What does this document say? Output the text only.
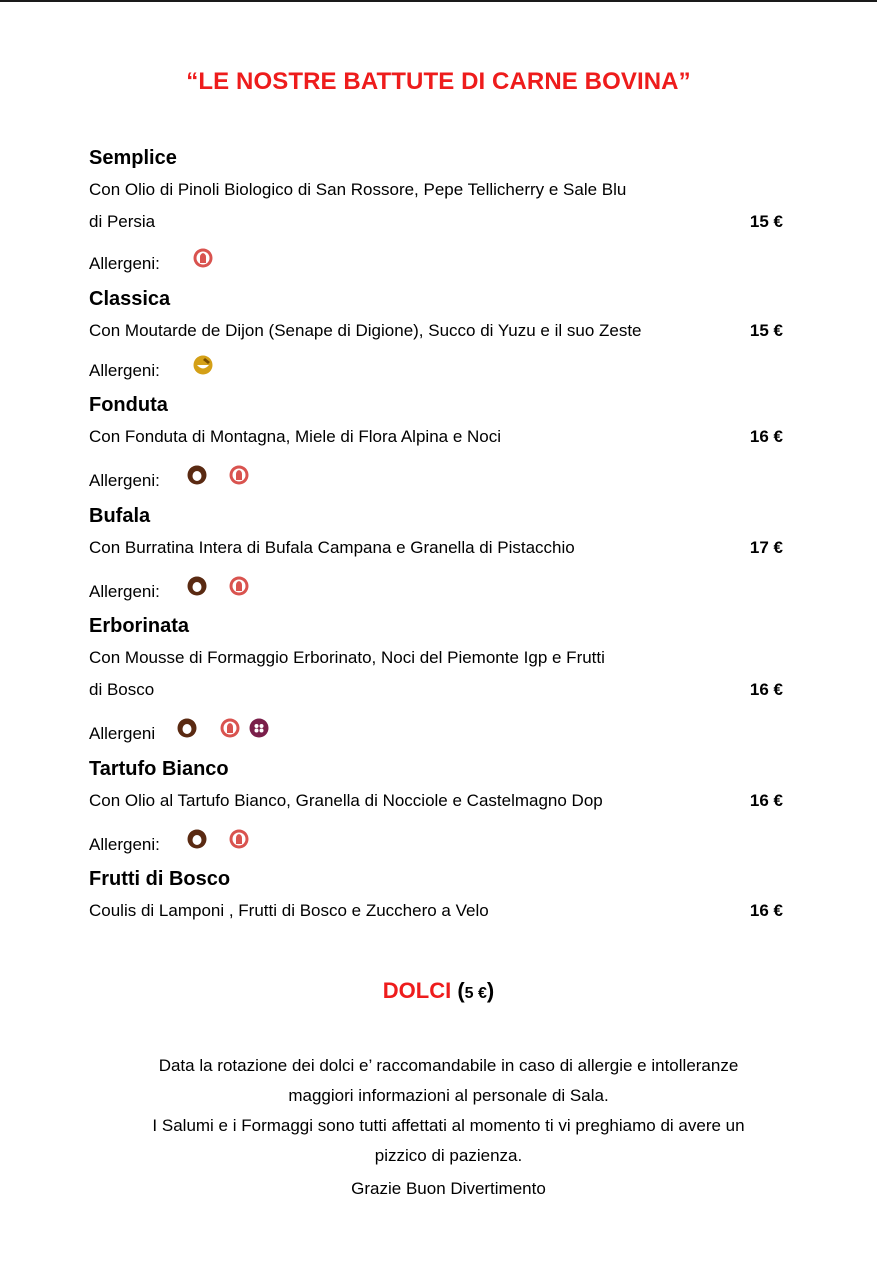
“LE NOSTRE BATTUTE DI CARNE BOVINA”
Semplice
Con Olio di Pinoli Biologico di San Rossore, Pepe Tellicherry e Sale Blu
di Persia	15 €
Allergeni:
Classica
Con Moutarde de Dijon (Senape di Digione), Succo di Yuzu e il suo Zeste	15 €
Allergeni:
Fonduta
Con Fonduta di Montagna, Miele di Flora Alpina e Noci	16 €
Allergeni:
Bufala
Con Burratina Intera di Bufala Campana e Granella di Pistacchio	17 €
Allergeni:
Erborinata
Con Mousse di Formaggio Erborinato, Noci del Piemonte Igp e Frutti
di Bosco	16 €
Allergeni
Tartufo Bianco
Con Olio al Tartufo Bianco, Granella di Nocciole e Castelmagno Dop	16 €
Allergeni:
Frutti di Bosco
Coulis di Lamponi , Frutti di Bosco e Zucchero a Velo	16 €
DOLCI (5 €)
Data la rotazione dei dolci e’ raccomandabile in caso di allergie e intolleranze
maggiori informazioni al personale di Sala.
I Salumi e i Formaggi sono tutti affettati al momento ti vi preghiamo di avere un
pizzico di pazienza.
Grazie Buon Divertimento
